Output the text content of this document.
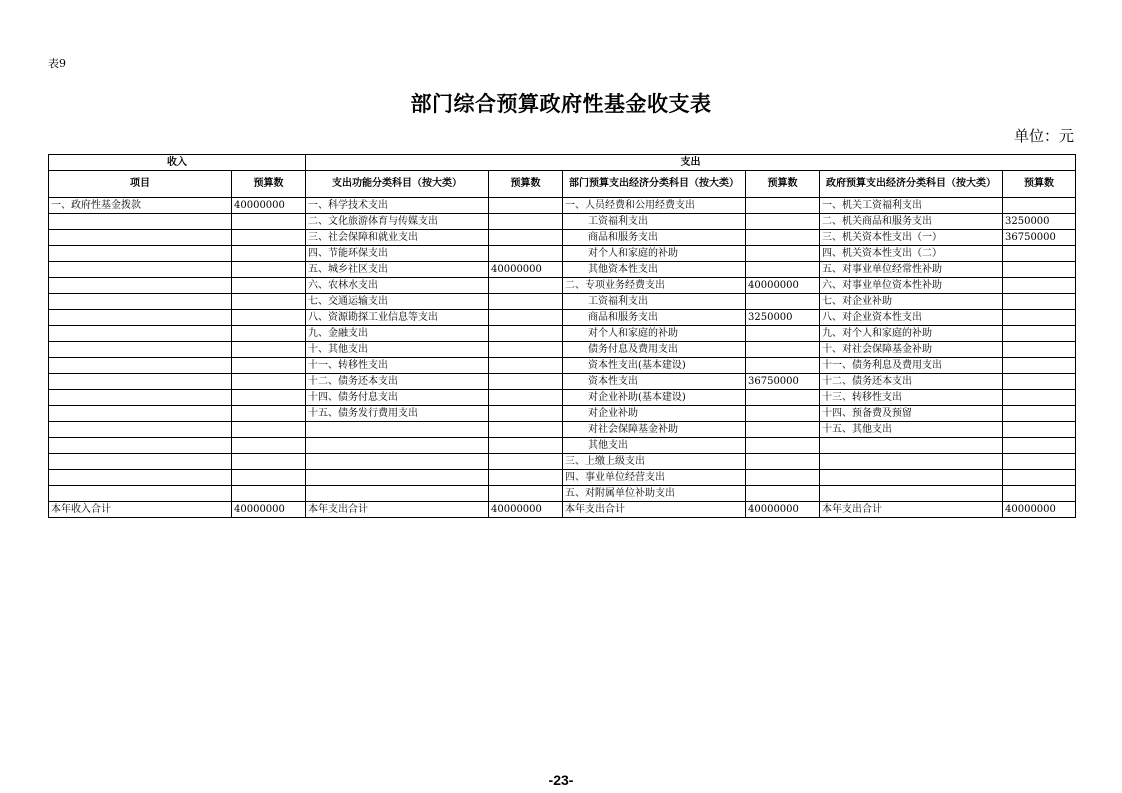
表9
部门综合预算政府性基金收支表
单位：元
收入		支出					
项目	预算数	支出功能分类科目（按大类）	预算数	部门预算支出经济分类科目（按大类）	预算数	政府预算支出经济分类科目（按大类）	预算数
一、政府性基金拨款	40000000	一、科学技术支出		一、人员经费和公用经费支出		一、机关工资福利支出	
		二、文化旅游体育与传媒支出		工资福利支出		二、机关商品和服务支出	3250000
		三、社会保障和就业支出		商品和服务支出		三、机关资本性支出（一）	36750000
		四、节能环保支出		对个人和家庭的补助		四、机关资本性支出（二）	
		五、城乡社区支出	40000000	其他资本性支出		五、对事业单位经常性补助	
		六、农林水支出		二、专项业务经费支出	40000000	六、对事业单位资本性补助	
		七、交通运输支出		工资福利支出		七、对企业补助	
		八、资源勘探工业信息等支出		商品和服务支出	3250000	八、对企业资本性支出	
		九、金融支出		对个人和家庭的补助		九、对个人和家庭的补助	
		十、其他支出		债务付息及费用支出		十、对社会保障基金补助	
		十一、转移性支出		资本性支出(基本建设)		十一、债务利息及费用支出	
		十二、债务还本支出		资本性支出	36750000	十二、债务还本支出	
		十四、债务付息支出		对企业补助(基本建设)		十三、转移性支出	
		十五、债务发行费用支出		对企业补助		十四、预备费及预留	
				对社会保障基金补助		十五、其他支出	
				其他支出			
				三、上缴上级支出			
				四、事业单位经营支出			
				五、对附属单位补助支出			
本年收入合计	40000000	本年支出合计	40000000	本年支出合计	40000000	本年支出合计	40000000
-23-
